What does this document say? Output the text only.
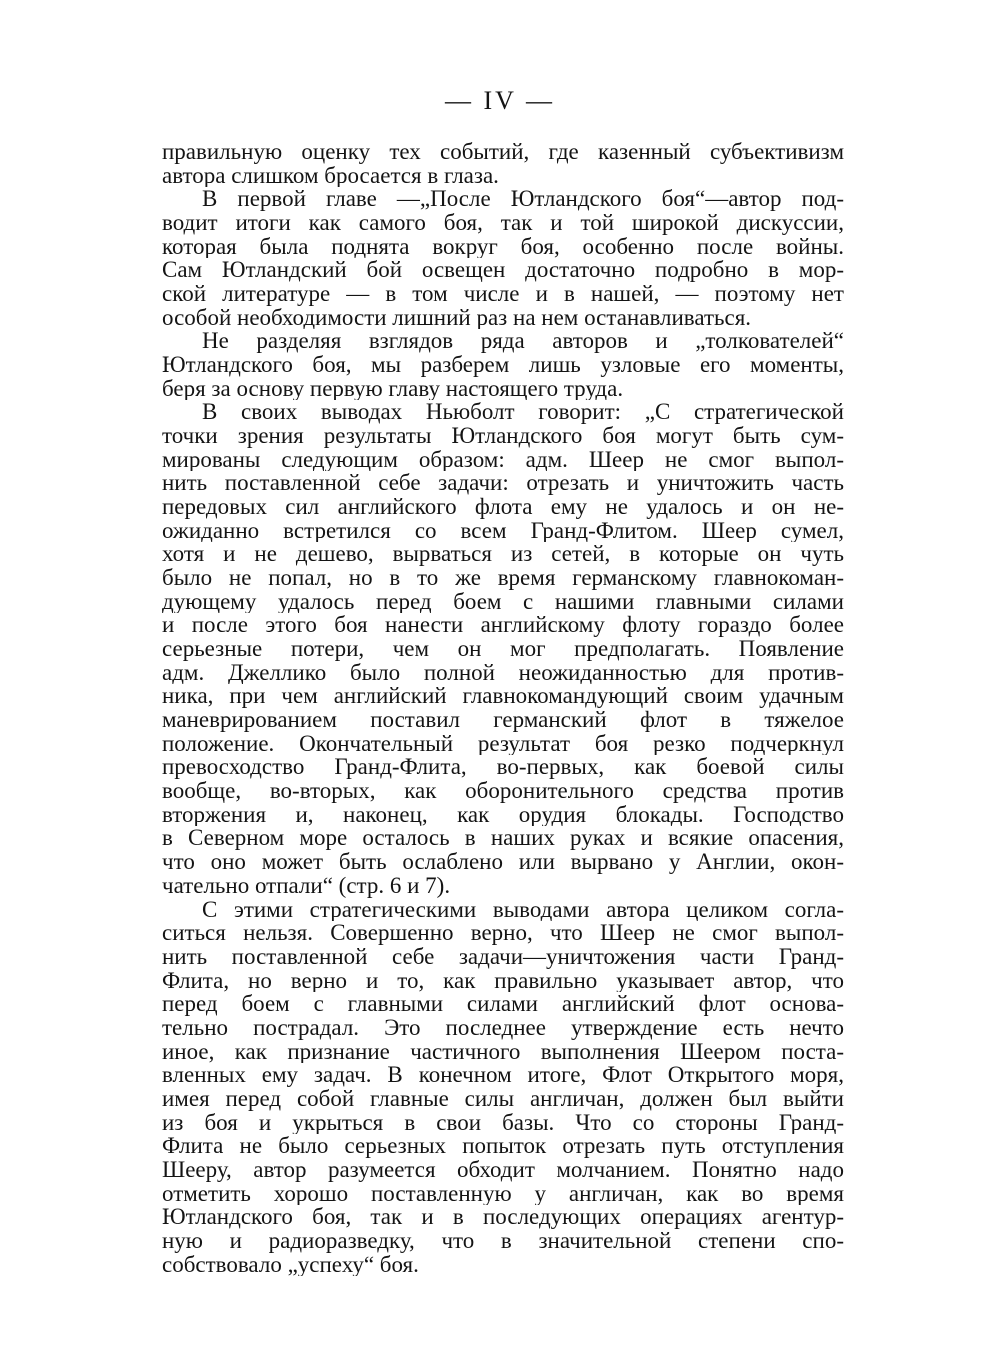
— IV —
правильную оценку тех событий, где казенный субъективизм
автора слишком бросается в глаза.
В первой главе —„После Ютландского боя“—автор под-
водит итоги как самого боя, так и той широкой дискуссии,
которая была поднята вокруг боя, особенно после войны.
Сам Ютландский бой освещен достаточно подробно в мор-
ской литературе — в том числе и в нашей, — поэтому нет
особой необходимости лишний раз на нем останавливаться.
Не разделяя взглядов ряда авторов и „толкователей“
Ютландского боя, мы разберем лишь узловые его моменты,
беря за основу первую главу настоящего труда.
В своих выводах Ньюболт говорит: „С стратегической
точки зрения результаты Ютландского боя могут быть сум-
мированы следующим образом: адм. Шеер не смог выпол-
нить поставленной себе задачи: отрезать и уничтожить часть
передовых сил английского флота ему не удалось и он не-
ожиданно встретился со всем Гранд-Флитом. Шеер сумел,
хотя и не дешево, вырваться из сетей, в которые он чуть
было не попал, но в то же время германскому главнокоман-
дующему удалось перед боем с нашими главными силами
и после этого боя нанести английскому флоту гораздо более
серьезные потери, чем он мог предполагать. Появление
адм. Джеллико было полной неожиданностью для против-
ника, при чем английский главнокомандующий своим удачным
маневрированием поставил германский флот в тяжелое
положение. Окончательный результат боя резко подчеркнул
превосходство Гранд-Флита, во-первых, как боевой силы
вообще, во-вторых, как оборонительного средства против
вторжения и, наконец, как орудия блокады. Господство
в Северном море осталось в наших руках и всякие опасения,
что оно может быть ослаблено или вырвано у Англии, окон-
чательно отпали“ (стр. 6 и 7).
С этими стратегическими выводами автора целиком согла-
ситься нельзя. Совершенно верно, что Шеер не смог выпол-
нить поставленной себе задачи—уничтожения части Гранд-
Флита, но верно и то, как правильно указывает автор, что
перед боем с главными силами английский флот основа-
тельно пострадал. Это последнее утверждение есть нечто
иное, как признание частичного выполнения Шеером поста-
вленных ему задач. В конечном итоге, Флот Открытого моря,
имея перед собой главные силы англичан, должен был выйти
из боя и укрыться в свои базы. Что со стороны Гранд-
Флита не было серьезных попыток отрезать путь отступления
Шееру, автор разумеется обходит молчанием. Понятно надо
отметить хорошо поставленную у англичан, как во время
Ютландского боя, так и в последующих операциях агентур-
ную и радиоразведку, что в значительной степени спо-
собствовало „успеху“ боя.
